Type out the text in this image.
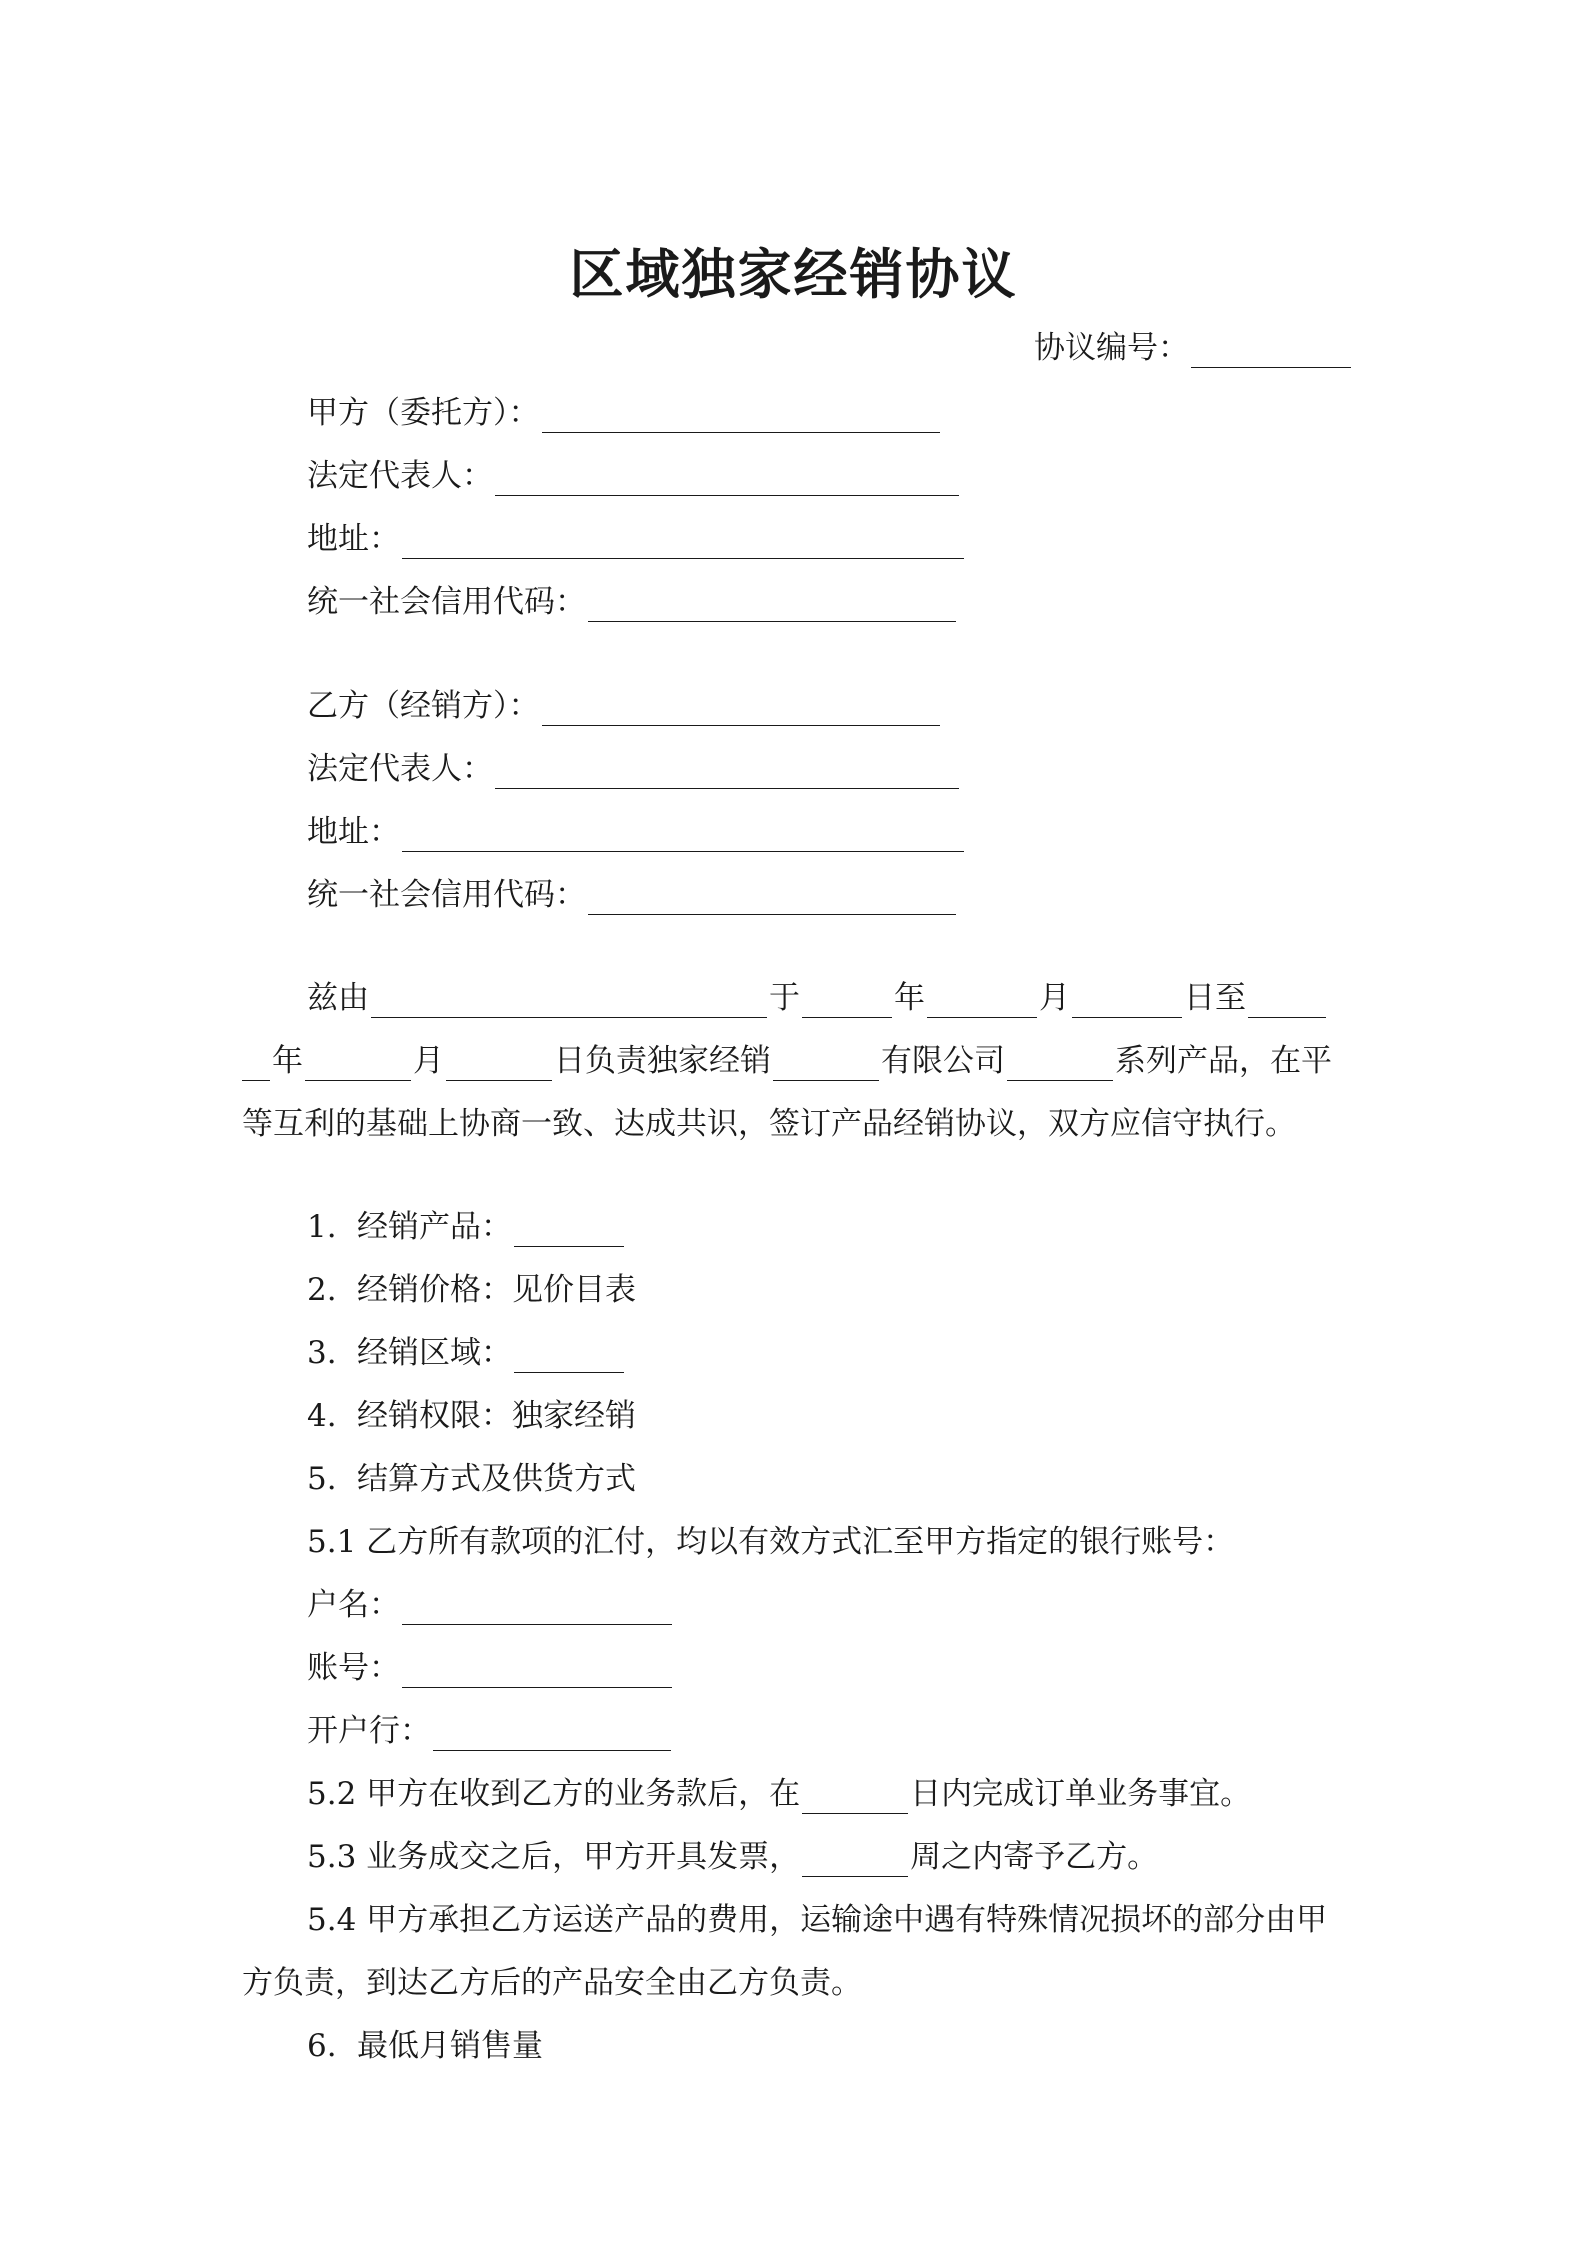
区域独家经销协议
协议编号：
甲方（委托方）：
法定代表人：
地址：
统一社会信用代码：
乙方（经销方）：
法定代表人：
地址：
统一社会信用代码：
兹由	于	年	月	日至
年	月	日负责独家经销	有限公司	系列产品，在平
等互利的基础上协商一致、达成共识，签订产品经销协议，双方应信守执行。
1. 经销产品：
2. 经销价格：见价目表
3. 经销区域：
4. 经销权限：独家经销
5. 结算方式及供货方式
5.1 乙方所有款项的汇付，均以有效方式汇至甲方指定的银行账号：
户名：
账号：
开户行：
5.2 甲方在收到乙方的业务款后，在	日内完成订单业务事宜。
5.3 业务成交之后，甲方开具发票，	周之内寄予乙方。
5.4 甲方承担乙方运送产品的费用，运输途中遇有特殊情况损坏的部分由甲
方负责，到达乙方后的产品安全由乙方负责。
6. 最低月销售量
